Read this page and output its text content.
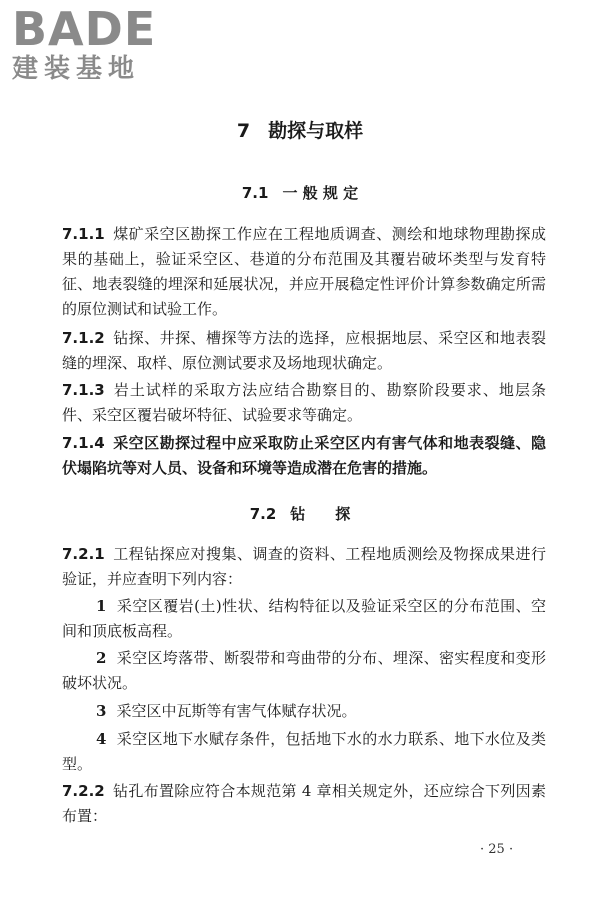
BADE
建装基地
7 勘探与取样
7.1 一 般 规 定
7.1.1 煤矿采空区勘探工作应在工程地质调查、测绘和地球物理勘探成果的基础上，验证采空区、巷道的分布范围及其覆岩破坏类型与发育特征、地表裂缝的埋深和延展状况，并应开展稳定性评价计算参数确定所需的原位测试和试验工作。
7.1.2 钻探、井探、槽探等方法的选择，应根据地层、采空区和地表裂缝的埋深、取样、原位测试要求及场地现状确定。
7.1.3 岩土试样的采取方法应结合勘察目的、勘察阶段要求、地层条件、采空区覆岩破坏特征、试验要求等确定。
7.1.4 采空区勘探过程中应采取防止采空区内有害气体和地表裂缝、隐伏塌陷坑等对人员、设备和环境等造成潜在危害的措施。
7.2 钻　　探
7.2.1 工程钻探应对搜集、调查的资料、工程地质测绘及物探成果进行验证，并应查明下列内容：
1 采空区覆岩(土)性状、结构特征以及验证采空区的分布范围、空间和顶底板高程。
2 采空区垮落带、断裂带和弯曲带的分布、埋深、密实程度和变形破坏状况。
3 采空区中瓦斯等有害气体赋存状况。
4 采空区地下水赋存条件，包括地下水的水力联系、地下水位及类型。
7.2.2 钻孔布置除应符合本规范第 4 章相关规定外，还应综合下列因素布置：
· 25 ·
